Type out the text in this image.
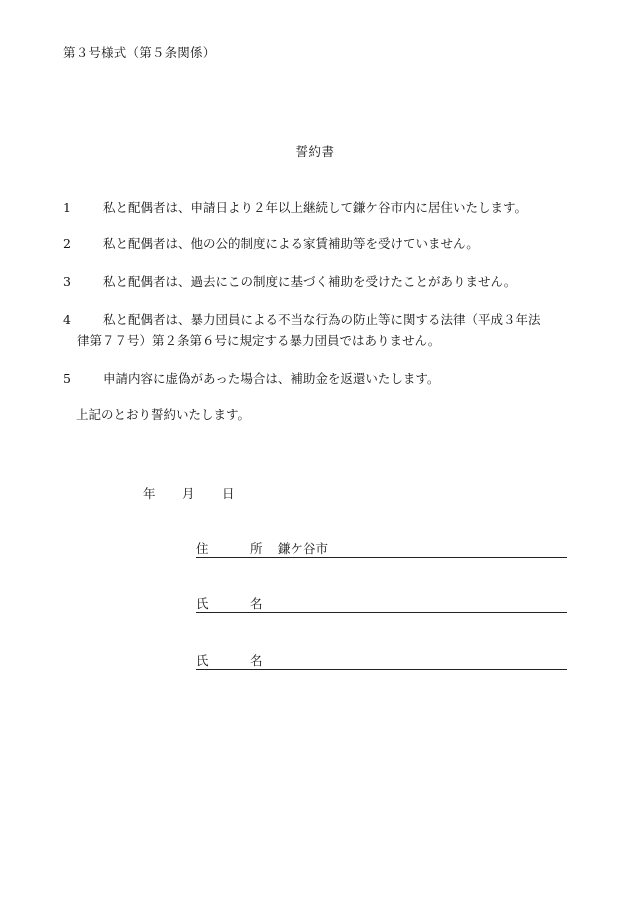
第３号様式（第５条関係）
誓約書
1	私と配偶者は、申請日より２年以上継続して鎌ケ谷市内に居住いたします。
2	私と配偶者は、他の公的制度による家賃補助等を受けていません。
3	私と配偶者は、過去にこの制度に基づく補助を受けたことがありません。
4	私と配偶者は、暴力団員による不当な行為の防止等に関する法律（平成３年法
律第７７号）第２条第６号に規定する暴力団員ではありません。
5	申請内容に虚偽があった場合は、補助金を返還いたします。
上記のとおり誓約いたします。
年 月 日
住	所 鎌ケ谷市
氏	名
氏	名
